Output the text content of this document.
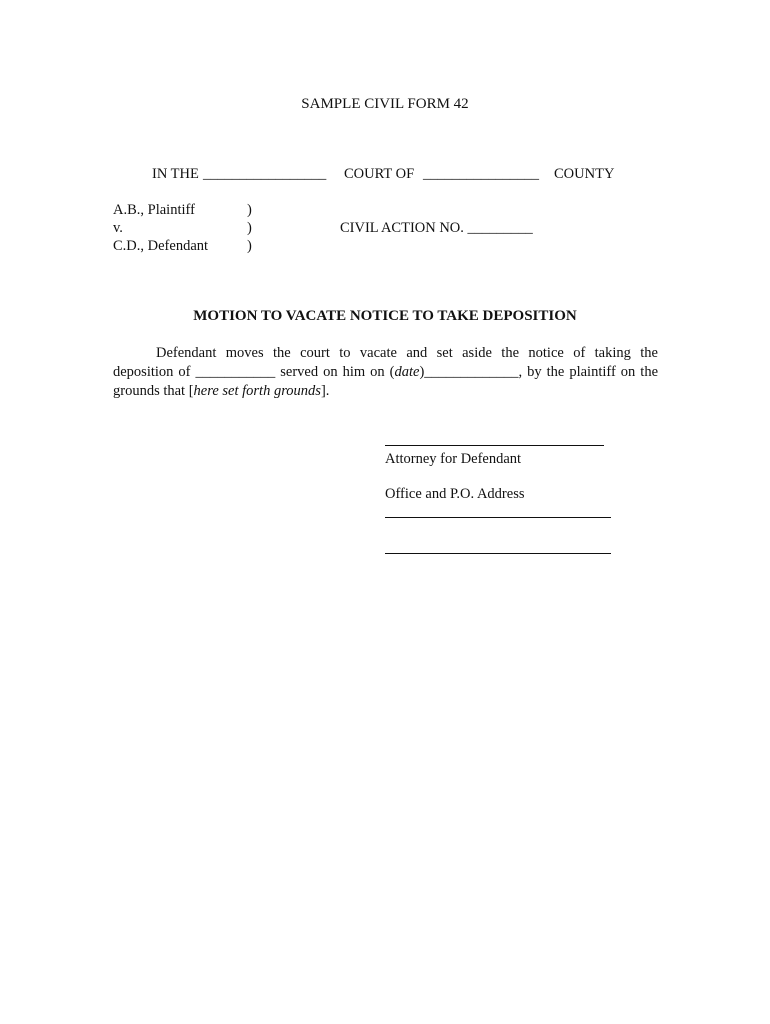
SAMPLE CIVIL FORM 42
IN THE _________________ COURT OF ________________ COUNTY
A.B., Plaintiff
v.
C.D., Defendant
)
)
)
CIVIL ACTION NO. _________
MOTION TO VACATE NOTICE TO TAKE DEPOSITION
Defendant moves the court to vacate and set aside the notice of taking the
deposition of ___________ served on him on (date)_____________, by the plaintiff on the
grounds that [here set forth grounds].
Attorney for Defendant
Office and P.O. Address
